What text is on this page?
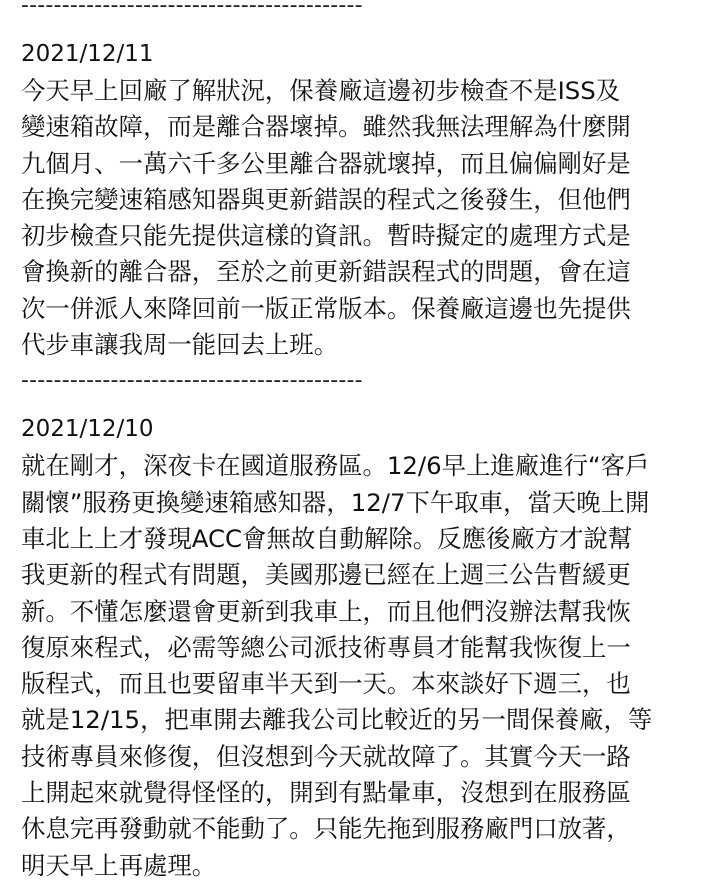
------------------------------------------
2021/12/11
今天早上回廠了解狀況，保養廠這邊初步檢查不是ISS及
變速箱故障，而是離合器壞掉。雖然我無法理解為什麼開
九個月、一萬六千多公里離合器就壞掉，而且偏偏剛好是
在換完變速箱感知器與更新錯誤的程式之後發生，但他們
初步檢查只能先提供這樣的資訊。暫時擬定的處理方式是
會換新的離合器，至於之前更新錯誤程式的問題，會在這
次一併派人來降回前一版正常版本。保養廠這邊也先提供
代步車讓我周一能回去上班。
------------------------------------------
2021/12/10
就在剛才，深夜卡在國道服務區。12/6早上進廠進行“客戶
關懷”服務更換變速箱感知器，12/7下午取車，當天晚上開
車北上上才發現ACC會無故自動解除。反應後廠方才說幫
我更新的程式有問題，美國那邊已經在上週三公告暫緩更
新。不懂怎麼還會更新到我車上，而且他們沒辦法幫我恢
復原來程式，必需等總公司派技術專員才能幫我恢復上一
版程式，而且也要留車半天到一天。本來談好下週三，也
就是12/15，把車開去離我公司比較近的另一間保養廠，等
技術專員來修復，但沒想到今天就故障了。其實今天一路
上開起來就覺得怪怪的，開到有點暈車，沒想到在服務區
休息完再發動就不能動了。只能先拖到服務廠門口放著，
明天早上再處理。
